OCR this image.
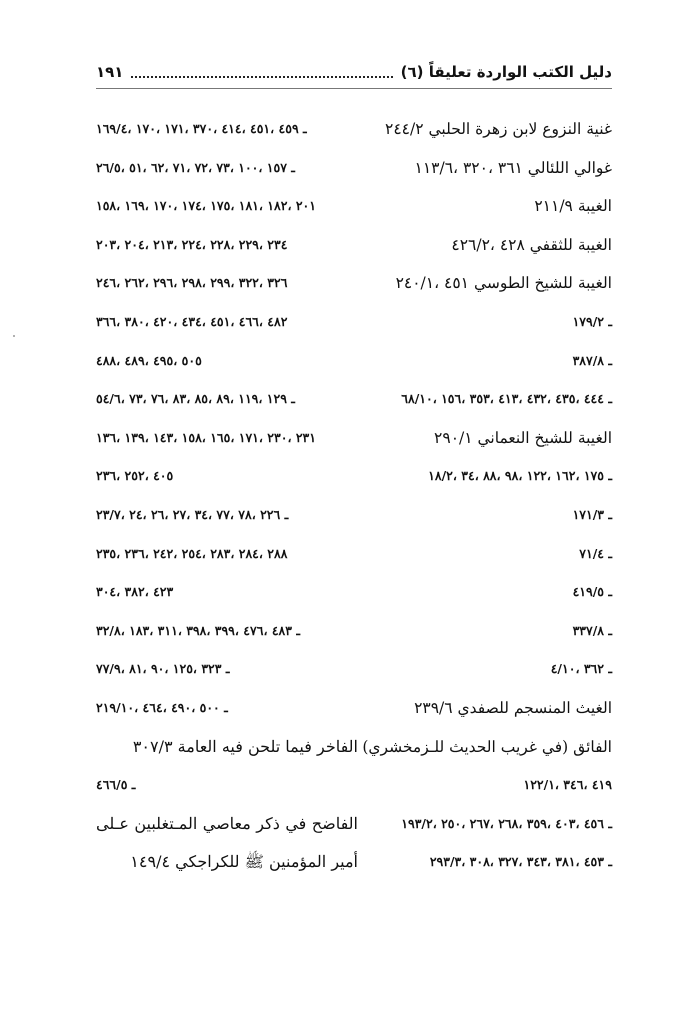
دليل الكتب الواردة تعليقاً (٦)
١٩١
غنية النزوع لابن زهرة الحلبي ٢٤٤/٢
غوالي اللئالي ٣٦١ ،٣٢٠ ،١١٣/٦
الغيبة ٢١١/٩
الغيبة للثقفي ٤٢٨ ،٤٢٦/٢
الغيبة للشيخ الطوسي ٤٥١ ،٢٤٠/١
ـ ١٧٩/٢
ـ ٣٨٧/٨
ـ ٤٤٤ ،٤٣٥ ،٤٣٢ ،٤١٣ ،٣٥٣ ،١٥٦ ،٦٨/١٠
الغيبة للشيخ النعماني ٢٩٠/١
ـ ١٧٥ ،١٦٢ ،١٢٢ ،٩٨ ،٨٨ ،٣٤ ،١٨/٢
ـ ١٧١/٣
ـ ٧١/٤
ـ ٤١٩/٥
ـ ٣٣٧/٨
ـ ٣٦٢ ،٤/١٠
الغيث المنسجم للصفدي ٢٣٩/٦
الفائق (في غريب الحديث للـزمخشري)
٤١٩ ،٣٤٦ ،١٢٢/١
ـ ٤٥٦ ،٤٠٣ ،٣٥٩ ،٢٦٨ ،٢٦٧ ،٢٥٠ ،١٩٣/٢
ـ ٤٥٣ ،٣٨١ ،٣٤٣ ،٣٢٧ ،٣٠٨ ،٢٩٣/٣
ـ ٤٥٩ ،٤٥١ ،٤١٤ ،٣٧٠ ،١٧١ ،١٧٠ ،١٦٩/٤
ـ ١٥٧ ،١٠٠ ،٧٣ ،٧٢ ،٧١ ،٦٢ ،٥١ ،٢٦/٥
٢٠١ ،١٨٢ ،١٨١ ،١٧٥ ،١٧٤ ،١٧٠ ،١٦٩ ،١٥٨
٢٣٤ ،٢٢٩ ،٢٢٨ ،٢٢٤ ،٢١٣ ،٢٠٤ ،٢٠٣
٣٢٦ ،٣٢٢ ،٢٩٩ ،٢٩٨ ،٢٩٦ ،٢٦٢ ،٢٤٦
٤٨٢ ،٤٦٦ ،٤٥١ ،٤٣٤ ،٤٢٠ ،٣٨٠ ،٣٦٦
٥٠٥ ،٤٩٥ ،٤٨٩ ،٤٨٨
ـ ١٢٩ ،١١٩ ،٨٩ ،٨٥ ،٨٣ ،٧٦ ،٧٣ ،٥٤/٦
٢٣١ ،٢٣٠ ،١٧١ ،١٦٥ ،١٥٨ ،١٤٣ ،١٣٩ ،١٣٦
٤٠٥ ،٢٥٢ ،٢٣٦
ـ ٢٢٦ ،٧٨ ،٧٧ ،٣٤ ،٢٧ ،٢٦ ،٢٤ ،٢٣/٧
٢٨٨ ،٢٨٤ ،٢٨٣ ،٢٥٤ ،٢٤٢ ،٢٣٦ ،٢٣٥
٤٢٣ ،٣٨٢ ،٣٠٤
ـ ٤٨٣ ،٤٧٦ ،٣٩٩ ،٣٩٨ ،٣١١ ،١٨٣ ،٣٢/٨
ـ ٣٢٣ ،١٢٥ ،٩٠ ،٨١ ،٧٧/٩
ـ ٥٠٠ ،٤٩٠ ،٤٦٤ ،٢١٩/١٠
الفاخر فيما تلحن فيه العامة ٣٠٧/٣
ـ ٤٦٦/٥
الفاضح في ذكر معاصي المـتغلبين عـلى
أمير المؤمنين ﷺ للكراجكي ١٤٩/٤
